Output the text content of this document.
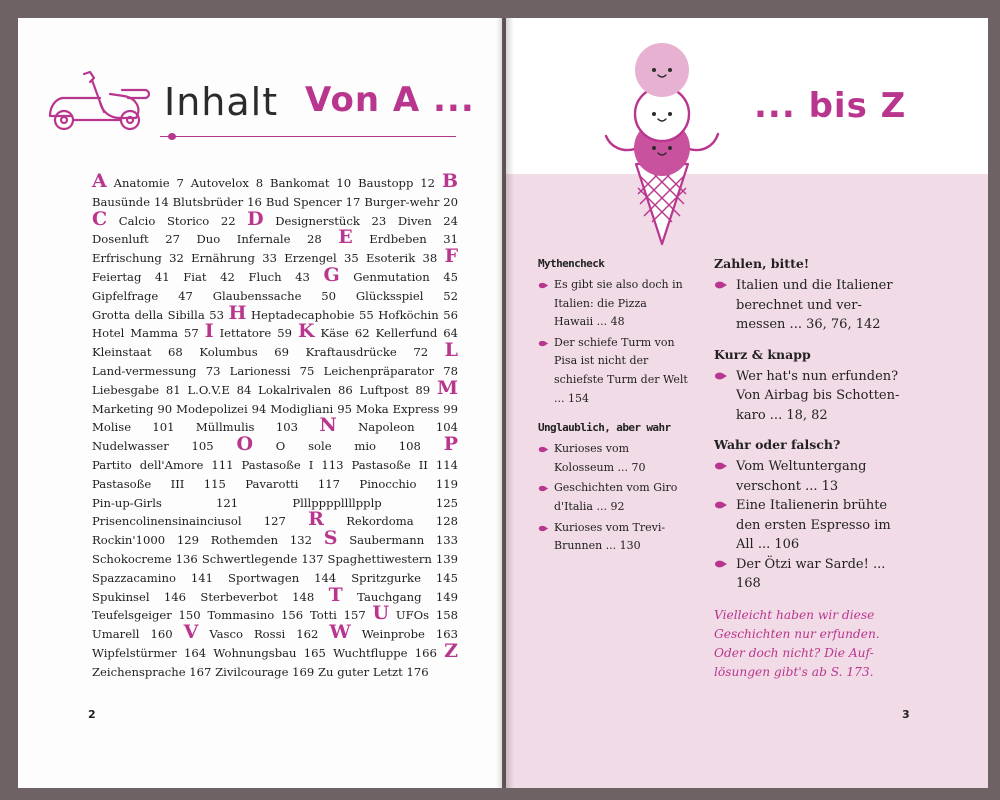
Inhalt Von A ...
A Anatomie 7 Autovelox 8 Bankomat 10 Baustopp 12 B Bausünde 14 Blutsbrüder 16 Bud Spencer 17 Burger-wehr 20 C Calcio Storico 22 D Designerstück 23 Diven 24 Dosenluft 27 Duo Infernale 28 E Erdbeben 31 Erfrischung 32 Ernährung 33 Erzengel 35 Esoterik 38 F Feiertag 41 Fiat 42 Fluch 43 G Genmutation 45 Gipfelfrage 47 Glaubenssache 50 Glücksspiel 52 Grotta della Sibilla 53 H Heptadecaphobie 55 Hofköchin 56 Hotel Mamma 57 I Iettatore 59 K Käse 62 Kellerfund 64 Kleinstaat 68 Kolumbus 69 Kraftausdrücke 72 L Land-vermessung 73 Larionessi 75 Leichenpräparator 78 Liebesgabe 81 L.O.V.E 84 Lokalrivalen 86 Luftpost 89 M Marketing 90 Modepolizei 94 Modigliani 95 Moka Express 99 Molise 101 Müllmulis 103 N Napoleon 104 Nudelwasser 105 O O sole mio 108 P Partito dell'Amore 111 Pastasoße I 113 Pastasoße II 114 Pastasoße III 115 Pavarotti 117 Pinocchio 119 Pin-up-Girls 121	Plllppppllllpplp 125 Prisencolinensinainciusol 127 R Rekordoma 128 Rockin'1000 129 Rothemden 132 S Saubermann 133 Schokocreme 136 Schwertlegende 137 Spaghettiwestern 139 Spazzacamino 141 Sportwagen 144 Spritzgurke 145 Spukinsel 146 Sterbeverbot 148 T Tauchgang 149 Teufelsgeiger 150 Tommasino 156 Totti 157 U UFOs 158 Umarell 160 V Vasco Rossi 162 W Weinprobe 163 Wipfelstürmer 164 Wohnungsbau 165 Wuchtfluppe 166 Z Zeichensprache 167 Zivilcourage 169 Zu guter Letzt 176
2
... bis Z
Mythencheck
Es gibt sie also doch in Italien: die Pizza Hawaii ... 48
Der schiefe Turm von Pisa ist nicht der schiefste Turm der Welt ... 154
Unglaublich, aber wahr
Kurioses vom Kolosseum ... 70
Geschichten vom Giro d'Italia ... 92
Kurioses vom Trevi-Brunnen ... 130
Zahlen, bitte!
Italien und die Italiener berechnet und ver-messen ... 36, 76, 142
Kurz & knapp
Wer hat's nun erfunden? Von Airbag bis Schotten-karo ... 18, 82
Wahr oder falsch?
Vom Weltuntergang verschont ... 13
Eine Italienerin brühte den ersten Espresso im All ... 106
Der Ötzi war Sarde! ... 168
Vielleicht haben wir diese Geschichten nur erfunden. Oder doch nicht? Die Auf-lösungen gibt's ab S. 173.
3
